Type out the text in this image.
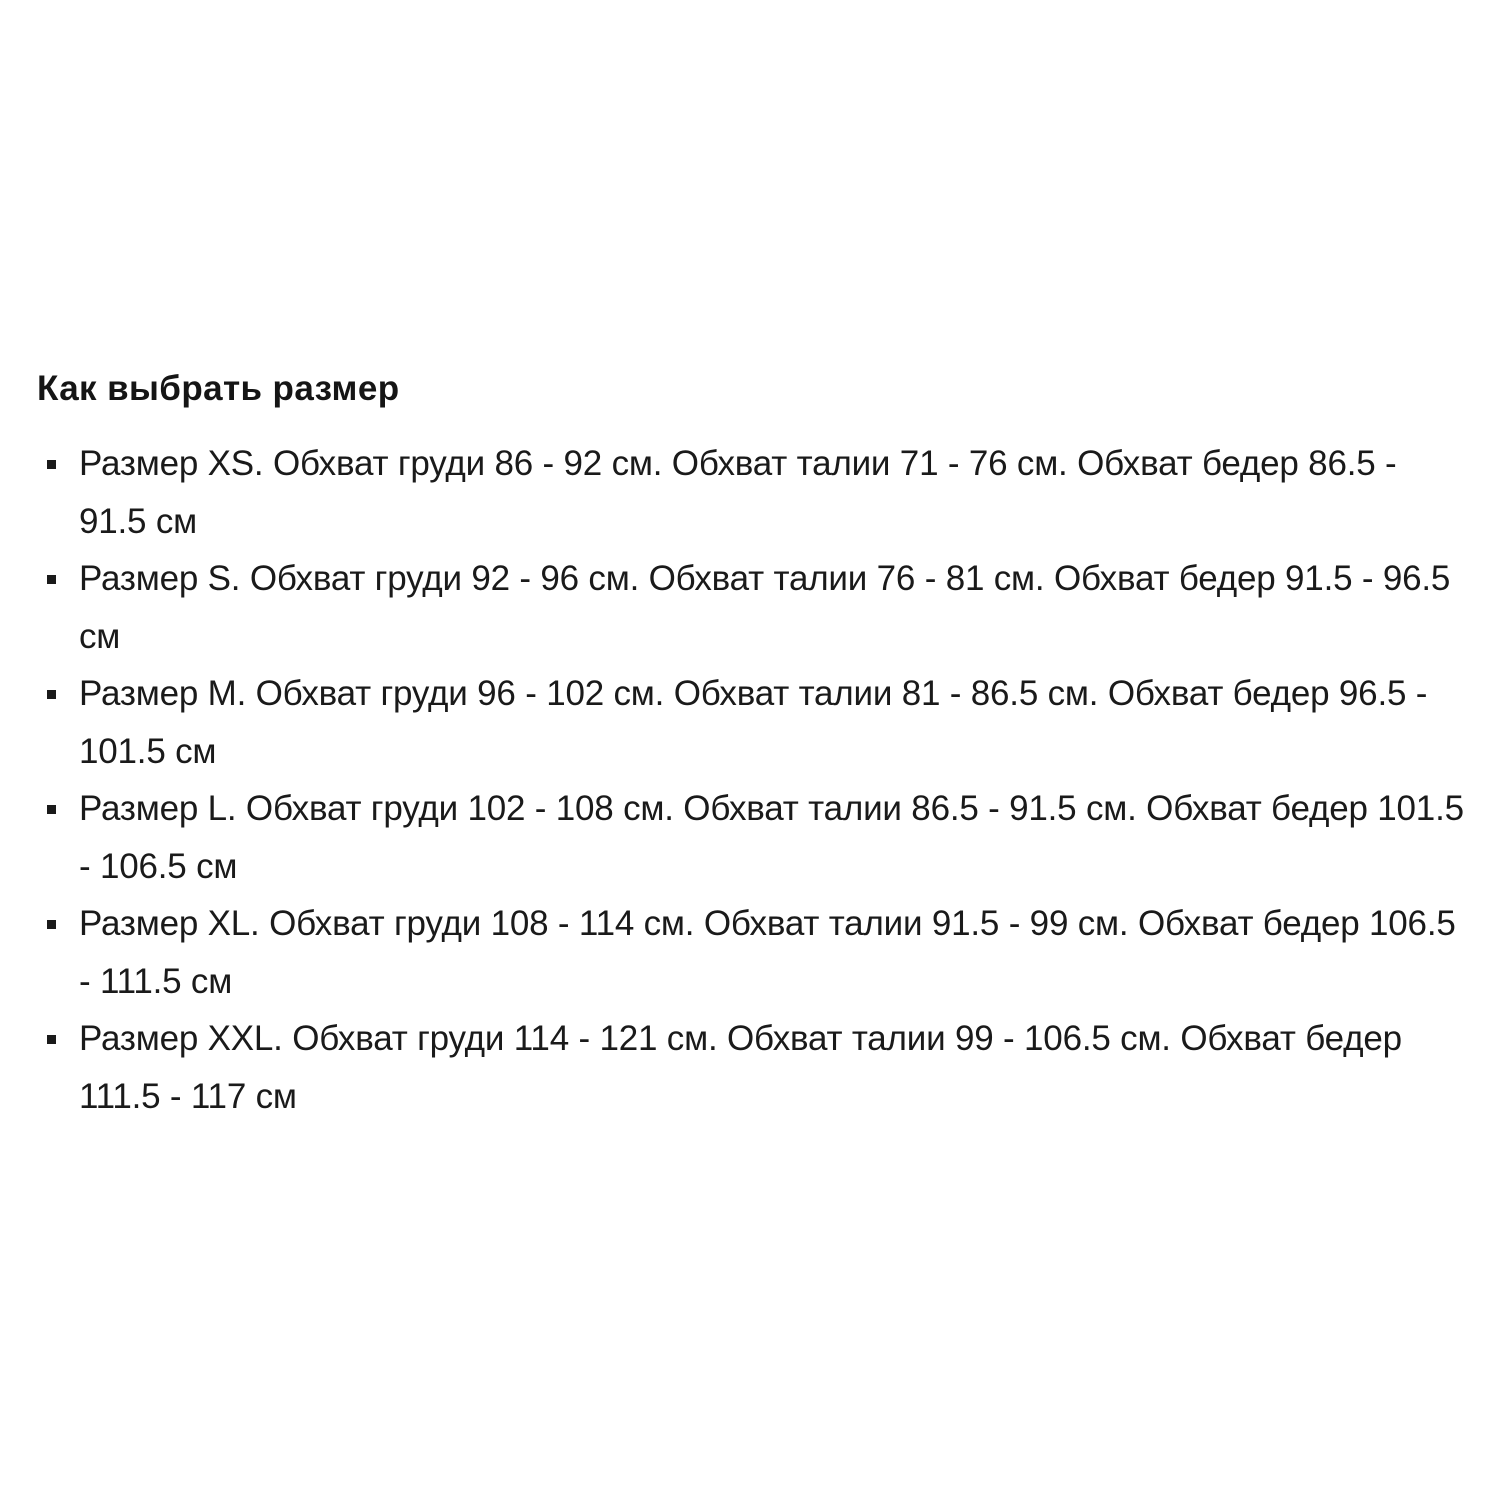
Как выбрать размер
Размер XS. Обхват груди 86 - 92 см. Обхват талии 71 - 76 см. Обхват бедер 86.5 - 91.5 см
Размер S. Обхват груди 92 - 96 см. Обхват талии 76 - 81 см. Обхват бедер 91.5 - 96.5 см
Размер M. Обхват груди 96 - 102 см. Обхват талии 81 - 86.5 см. Обхват бедер 96.5 - 101.5 см
Размер L. Обхват груди 102 - 108 см. Обхват талии 86.5 - 91.5 см. Обхват бедер 101.5 - 106.5 см
Размер XL. Обхват груди 108 - 114 см. Обхват талии 91.5 - 99 см. Обхват бедер 106.5 - 111.5 см
Размер XXL. Обхват груди 114 - 121 см. Обхват талии 99 - 106.5 см. Обхват бедер 111.5 - 117 см
